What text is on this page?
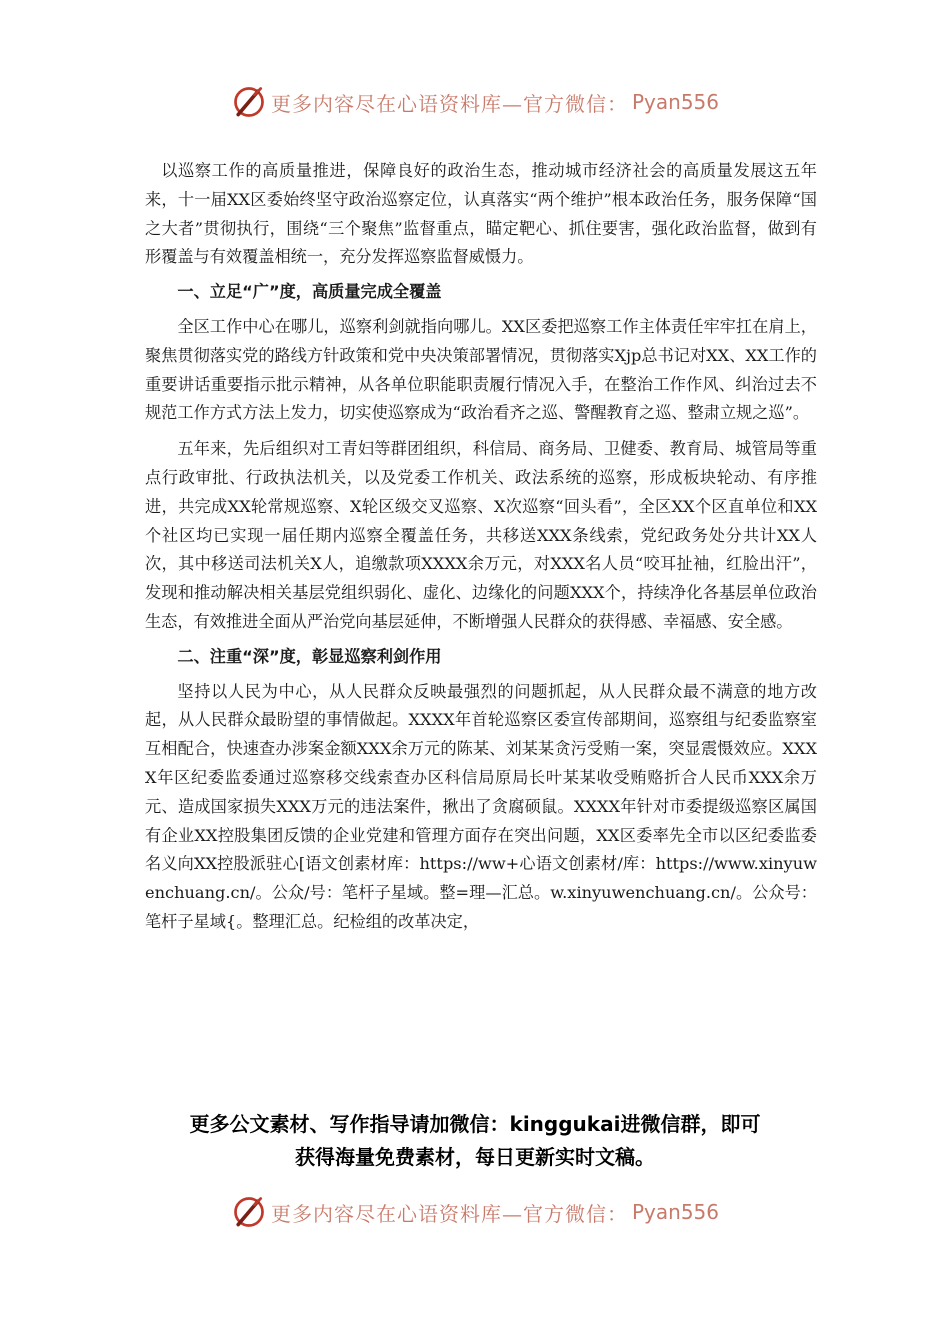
更多内容尽在心语资料库—官方微信： Pyan556

以巡察工作的高质量推进，保障良好的政治生态，推动城市经济社会的高质量发展这五年来，十一届XX区委始终坚守政治巡察定位，认真落实“两个维护”根本政治任务，服务保障“国之大者”贯彻执行，围绕“三个聚焦”监督重点，瞄定靶心、抓住要害，强化政治监督，做到有形覆盖与有效覆盖相统一，充分发挥巡察监督威慑力。

一、立足“广”度，高质量完成全覆盖

全区工作中心在哪儿，巡察利剑就指向哪儿。XX区委把巡察工作主体责任牢牢扛在肩上，聚焦贯彻落实党的路线方针政策和党中央决策部署情况，贯彻落实Xjp总书记对XX、XX工作的重要讲话重要指示批示精神，从各单位职能职责履行情况入手，在整治工作作风、纠治过去不规范工作方式方法上发力，切实使巡察成为“政治看齐之巡、警醒教育之巡、整肃立规之巡”。

五年来，先后组织对工青妇等群团组织，科信局、商务局、卫健委、教育局、城管局等重点行政审批、行政执法机关，以及党委工作机关、政法系统的巡察，形成板块轮动、有序推进，共完成XX轮常规巡察、X轮区级交叉巡察、X次巡察“回头看”，全区XX个区直单位和XX个社区均已实现一届任期内巡察全覆盖任务，共移送XXX条线索，党纪政务处分共计XX人次，其中移送司法机关X人，追缴款项XXXX余万元，对XXX名人员“咬耳扯袖，红脸出汗”，发现和推动解决相关基层党组织弱化、虚化、边缘化的问题XXX个，持续净化各基层单位政治生态，有效推进全面从严治党向基层延伸，不断增强人民群众的获得感、幸福感、安全感。

二、注重“深”度，彰显巡察利剑作用

坚持以人民为中心，从人民群众反映最强烈的问题抓起，从人民群众最不满意的地方改起，从人民群众最盼望的事情做起。XXXX年首轮巡察区委宣传部期间，巡察组与纪委监察室互相配合，快速查办涉案金额XXX余万元的陈某、刘某某贪污受贿一案，突显震慑效应。XXXX年区纪委监委通过巡察移交线索查办区科信局原局长叶某某收受贿赂折合人民币XXX余万元、造成国家损失XXX万元的违法案件，揪出了贪腐硕鼠。XXXX年针对市委提级巡察区属国有企业XX控股集团反馈的企业党建和管理方面存在突出问题，XX区委率先全市以区纪委监委名义向XX控股派驻心[语文创素材库：https://ww+心语文创素材/库：https://www.xinyuwenchuang.cn/。公众/号：笔杆子星域。整=理—汇总。w.xinyuwenchuang.cn/。公众号：笔杆子星域{。整理汇总。纪检组的改革决定，

更多公文素材、写作指导请加微信：kinggukai进微信群，即可
获得海量免费素材，每日更新实时文稿。
更多内容尽在心语资料库—官方微信： Pyan556
